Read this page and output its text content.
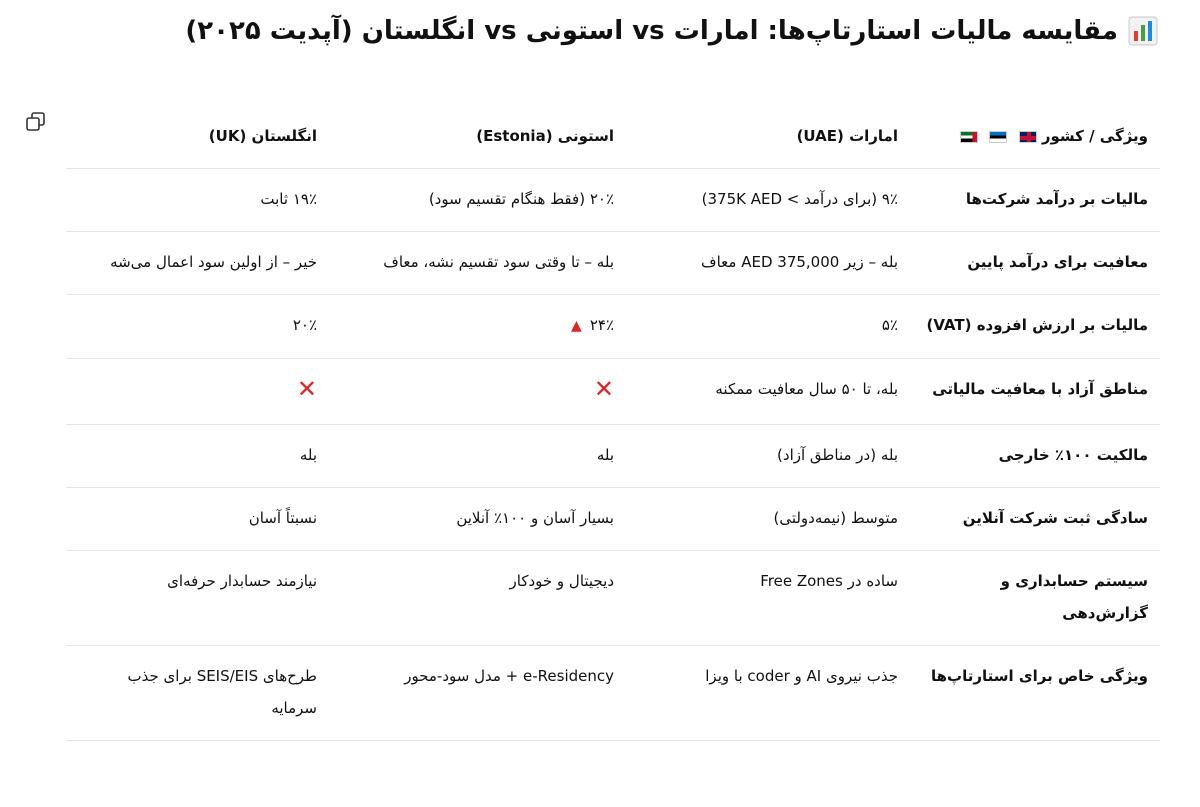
مقایسه مالیات استارتاپ‌ها: امارات vs استونی vs انگلستان (آپدیت ۲۰۲۵)
ویژگی / کشور	امارات (UAE)	استونی (Estonia)	انگلستان (UK)
مالیات بر درآمد شرکت‌ها	۹٪ (برای درآمد > 375K AED)	۲۰٪ (فقط هنگام تقسیم سود)	۱۹٪ ثابت
معافیت برای درآمد پایین	بله – زیر AED 375,000 معاف	بله – تا وقتی سود تقسیم نشه، معاف	خیر – از اولین سود اعمال می‌شه
مالیات بر ارزش افزوده (VAT)	۵٪	۲۴٪▲	۲۰٪
مناطق آزاد با معافیت مالیاتی	بله، تا ۵۰ سال معافیت ممکنه	✕	✕
مالکیت ۱۰۰٪ خارجی	بله (در مناطق آزاد)	بله	بله
سادگی ثبت شرکت آنلاین	متوسط (نیمه‌دولتی)	بسیار آسان و ۱۰۰٪ آنلاین	نسبتاً آسان
سیستم حسابداری و گزارش‌دهی	ساده در Free Zones	دیجیتال و خودکار	نیازمند حسابدار حرفه‌ای
ویژگی خاص برای استارتاپ‌ها	جذب نیروی AI و coder با ویزا	e-Residency + مدل سود-محور	طرح‌های SEIS/EIS برای جذب سرمایه
